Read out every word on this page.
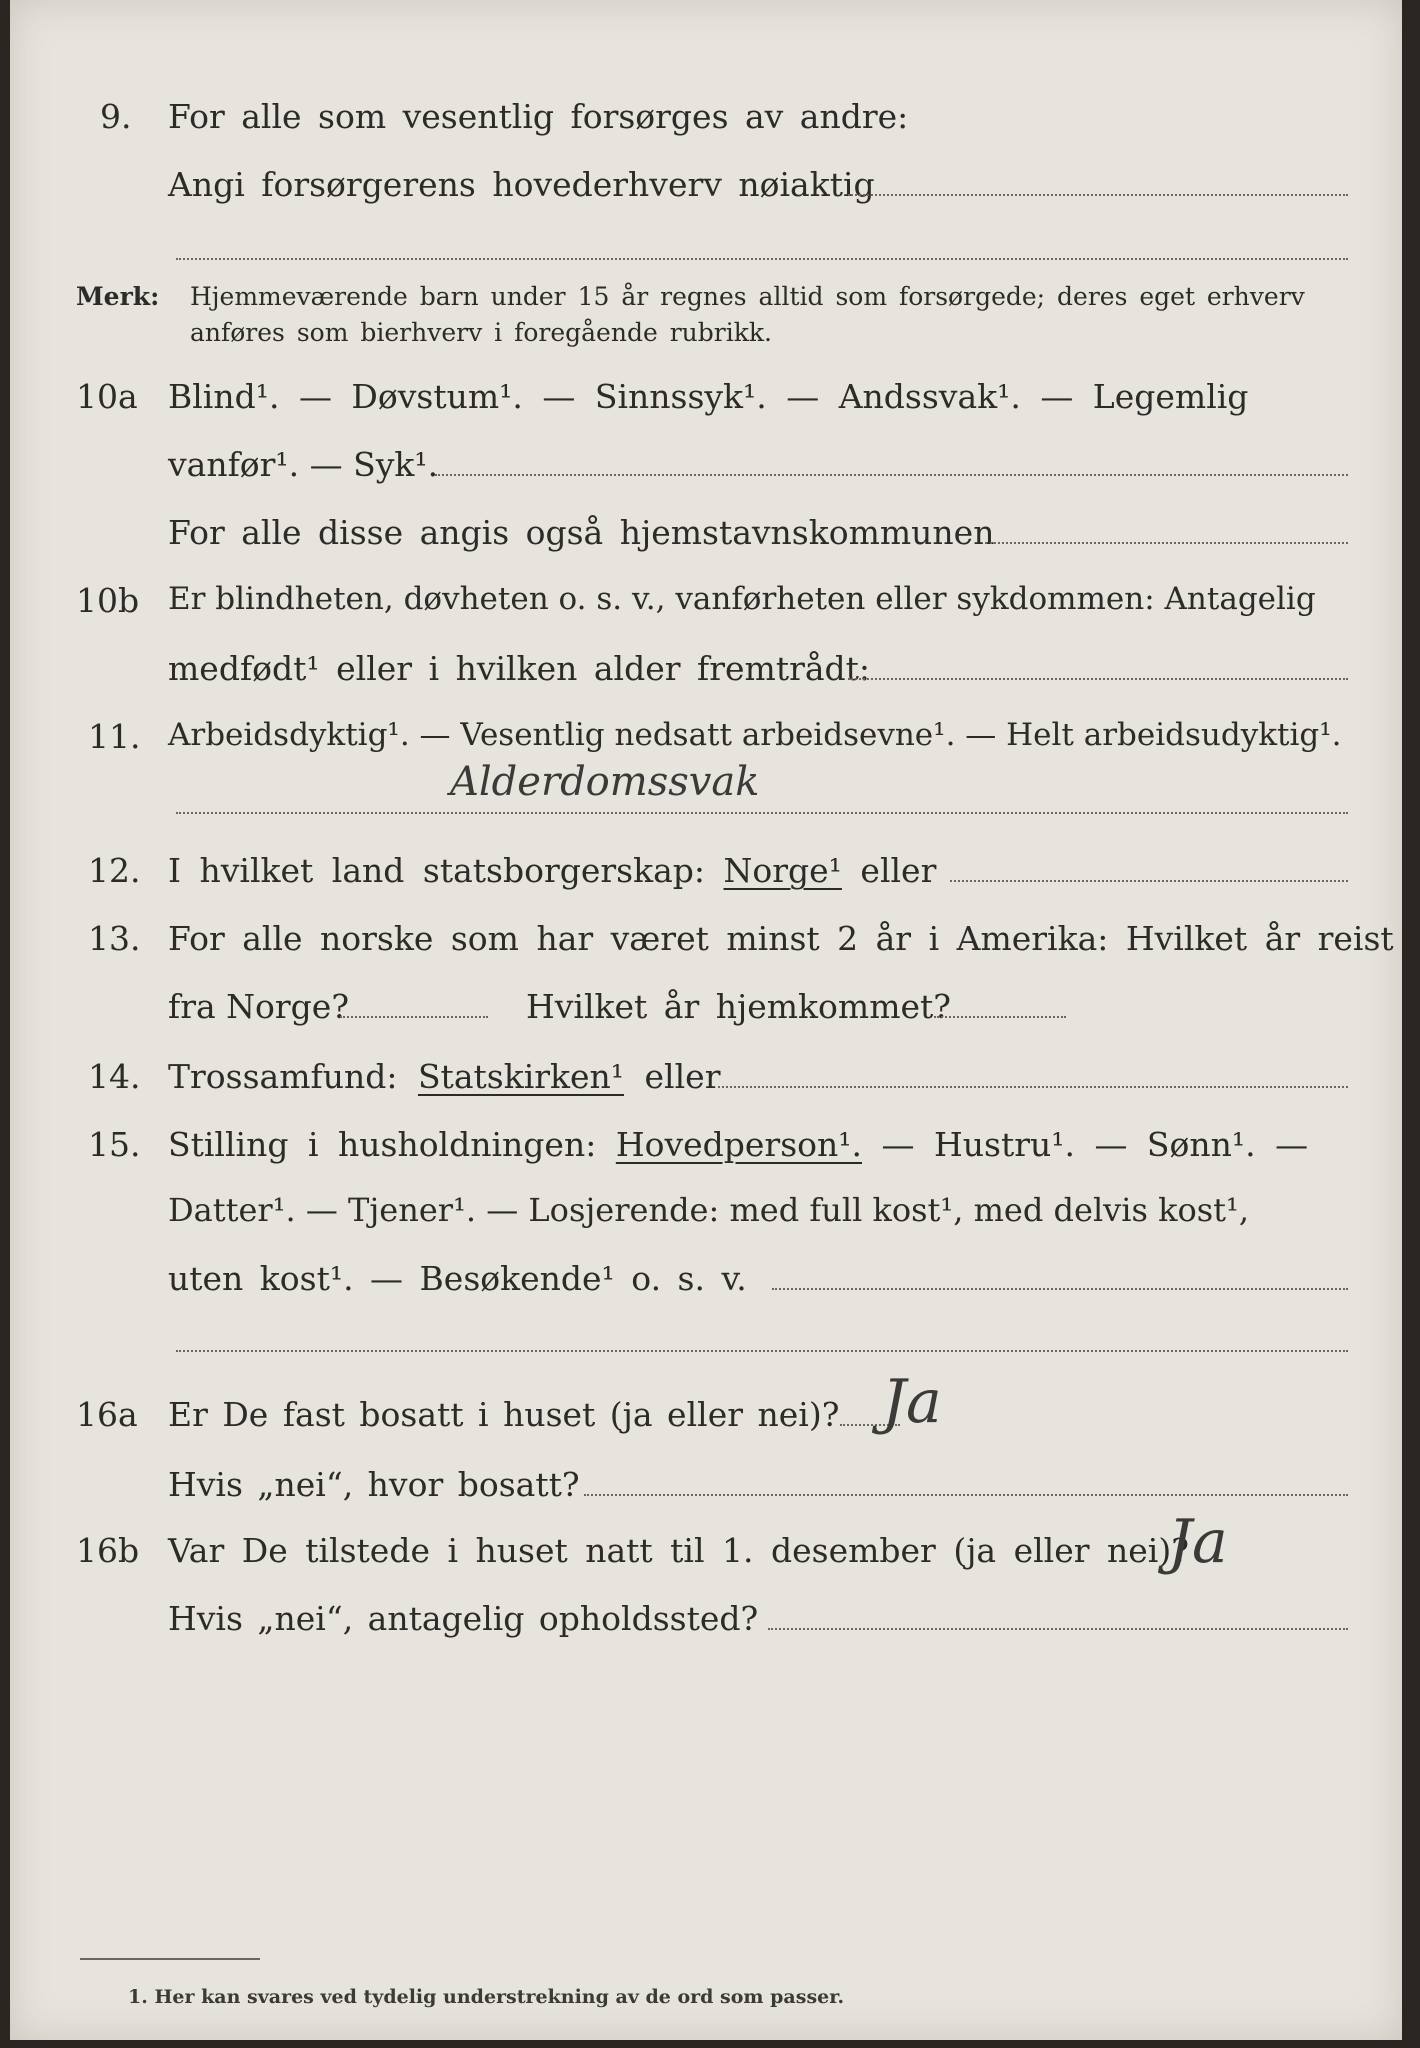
9. For alle som vesentlig forsørges av andre:
Angi forsørgerens hovederhverv nøiaktig
Merk: Hjemmeværende barn under 15 år regnes alltid som forsørgede; deres eget erhverv
anføres som bierhverv i foregående rubrikk.
10a Blind¹. — Døvstum¹. — Sinnssyk¹. — Andssvak¹. — Legemlig
vanfør¹. — Syk¹.
For alle disse angis også hjemstavnskommunen
10b Er blindheten, døvheten o. s. v., vanførheten eller sykdommen: Antagelig
medfødt¹ eller i hvilken alder fremtrådt:
11. Arbeidsdyktig¹. — Vesentlig nedsatt arbeidsevne¹. — Helt arbeidsudyktig¹.
Alderdomssvak
12. I hvilket land statsborgerskap: Norge¹ eller
13. For alle norske som har været minst 2 år i Amerika: Hvilket år reist
fra Norge?	Hvilket år hjemkommet?
14. Trossamfund: Statskirken¹ eller
15. Stilling i husholdningen: Hovedperson¹. — Hustru¹. — Sønn¹. —
Datter¹. — Tjener¹. — Losjerende: med full kost¹, med delvis kost¹,
uten kost¹. — Besøkende¹ o. s. v.
16a Er De fast bosatt i huset (ja eller nei)? Ja
Hvis „nei“, hvor bosatt?
16b Var De tilstede i huset natt til 1. desember (ja eller nei)?
Ja
Hvis „nei“, antagelig opholdssted?
1. Her kan svares ved tydelig understrekning av de ord som passer.
